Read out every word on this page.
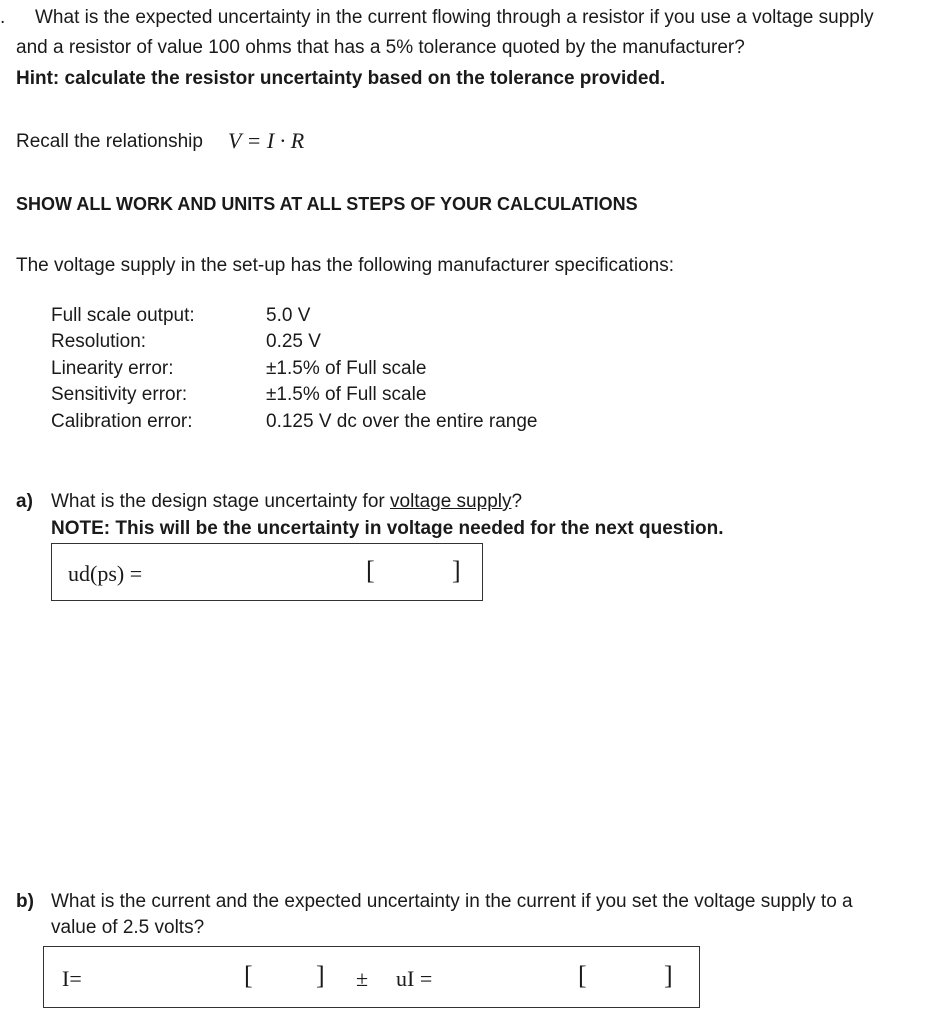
. What is the expected uncertainty in the current flowing through a resistor if you use a voltage supply
and a resistor of value 100 ohms that has a 5% tolerance quoted by the manufacturer?
Hint: calculate the resistor uncertainty based on the tolerance provided.
Recall the relationship V = I · R
SHOW ALL WORK AND UNITS AT ALL STEPS OF YOUR CALCULATIONS
The voltage supply in the set-up has the following manufacturer specifications:
Full scale output:	5.0 V
Resolution:	0.25 V
Linearity error:	±1.5% of Full scale
Sensitivity error:	±1.5% of Full scale
Calibration error:	0.125 V dc over the entire range
a) What is the design stage uncertainty for voltage supply?
NOTE: This will be the uncertainty in voltage needed for the next question.
ud(ps) =	[	]
b) What is the current and the expected uncertainty in the current if you set the voltage supply to a
value of 2.5 volts?
I=	[ ] ± uI =	[	]
